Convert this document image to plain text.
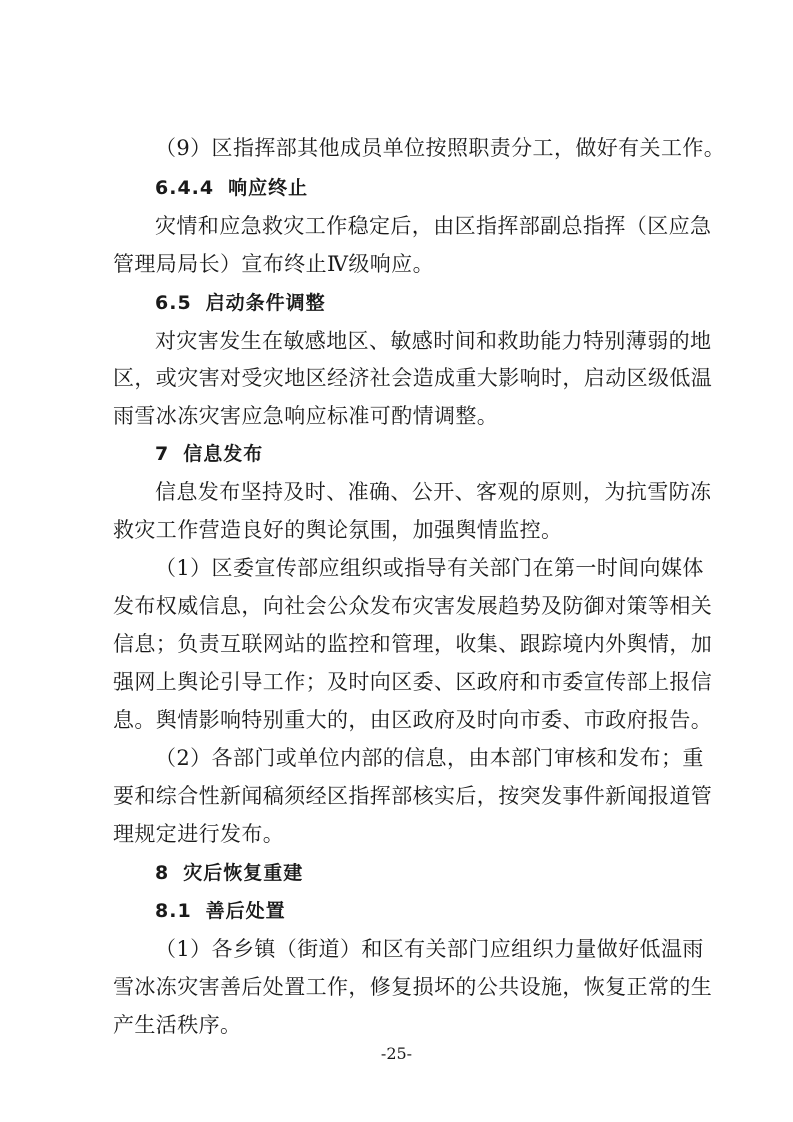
（9）区指挥部其他成员单位按照职责分工，做好有关工作。
6.4.4 响应终止
灾情和应急救灾工作稳定后，由区指挥部副总指挥（区应急
管理局局长）宣布终止Ⅳ级响应。
6.5 启动条件调整
对灾害发生在敏感地区、敏感时间和救助能力特别薄弱的地
区，或灾害对受灾地区经济社会造成重大影响时，启动区级低温
雨雪冰冻灾害应急响应标准可酌情调整。
7 信息发布
信息发布坚持及时、准确、公开、客观的原则，为抗雪防冻
救灾工作营造良好的舆论氛围，加强舆情监控。
（1）区委宣传部应组织或指导有关部门在第一时间向媒体
发布权威信息，向社会公众发布灾害发展趋势及防御对策等相关
信息；负责互联网站的监控和管理，收集、跟踪境内外舆情，加
强网上舆论引导工作；及时向区委、区政府和市委宣传部上报信
息。舆情影响特别重大的，由区政府及时向市委、市政府报告。
（2）各部门或单位内部的信息，由本部门审核和发布；重
要和综合性新闻稿须经区指挥部核实后，按突发事件新闻报道管
理规定进行发布。
8 灾后恢复重建
8.1 善后处置
（1）各乡镇（街道）和区有关部门应组织力量做好低温雨
雪冰冻灾害善后处置工作，修复损坏的公共设施，恢复正常的生
产生活秩序。
-25-
